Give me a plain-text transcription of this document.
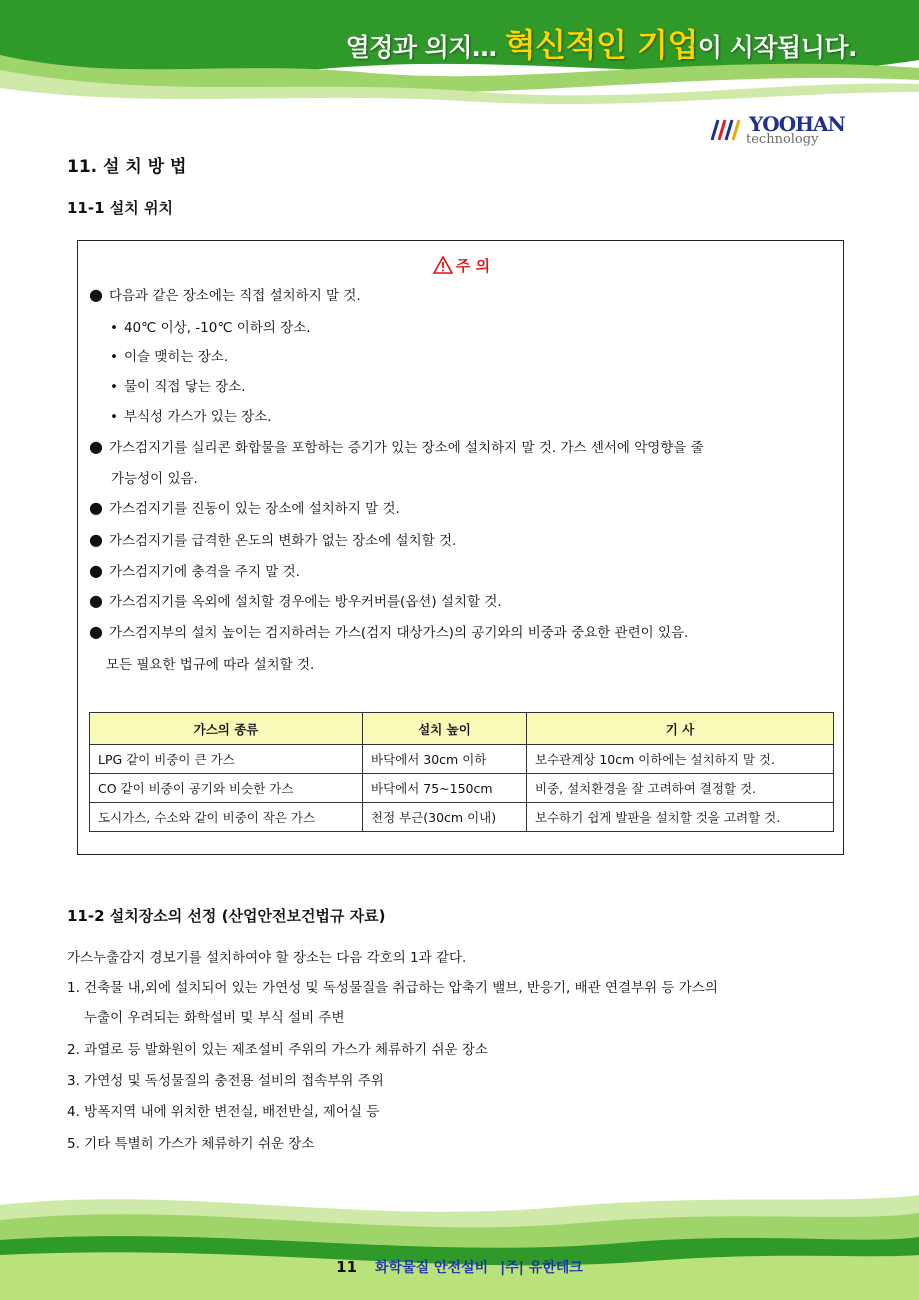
열정과 의지… 혁신적인 기업이 시작됩니다.
YOOHAN
technology
11. 설 치 방 법
11-1 설치 위치
주 의
● 다음과 같은 장소에는 직접 설치하지 말 것.
• 40℃ 이상, -10℃ 이하의 장소.
• 이슬 맺히는 장소.
• 물이 직접 닿는 장소.
• 부식성 가스가 있는 장소.
● 가스검지기를 실리콘 화합물을 포함하는 증기가 있는 장소에 설치하지 말 것. 가스 센서에 악영향을 줄
가능성이 있음.
● 가스검지기를 진동이 있는 장소에 설치하지 말 것.
● 가스검지기를 급격한 온도의 변화가 없는 장소에 설치할 것.
● 가스검지기에 충격을 주지 말 것.
● 가스검지기를 옥외에 설치할 경우에는 방우커버를(옵션) 설치할 것.
● 가스검지부의 설치 높이는 검지하려는 가스(검지 대상가스)의 공기와의 비중과 중요한 관련이 있음.
모든 필요한 법규에 따라 설치할 것.
가스의 종류	설치 높이	기 사
LPG 같이 비중이 큰 가스	바닥에서 30cm 이하	보수관계상 10cm 이하에는 설치하지 말 것.
CO 같이 비중이 공기와 비슷한 가스	바닥에서 75~150cm	비중, 설치환경을 잘 고려하여 결정할 것.
도시가스, 수소와 같이 비중이 작은 가스	천정 부근(30cm 이내)	보수하기 쉽게 발판을 설치할 것을 고려할 것.
11-2 설치장소의 선정 (산업안전보건법규 자료)
가스누출감지 경보기를 설치하여야 할 장소는 다음 각호의 1과 같다.
1. 건축물 내,외에 설치되어 있는 가연성 및 독성물질을 취급하는 압축기 밸브, 반응기, 배관 연결부위 등 가스의
누출이 우려되는 화학설비 및 부식 설비 주변
2. 과열로 등 발화원이 있는 제조설비 주위의 가스가 체류하기 쉬운 장소
3. 가연성 및 독성물질의 충전용 설비의 접속부위 주위
4. 방폭지역 내에 위치한 변전실, 배전반실, 제어실 등
5. 기타 특별히 가스가 체류하기 쉬운 장소
11 화학물질 안전설비 |주| 유한테크
